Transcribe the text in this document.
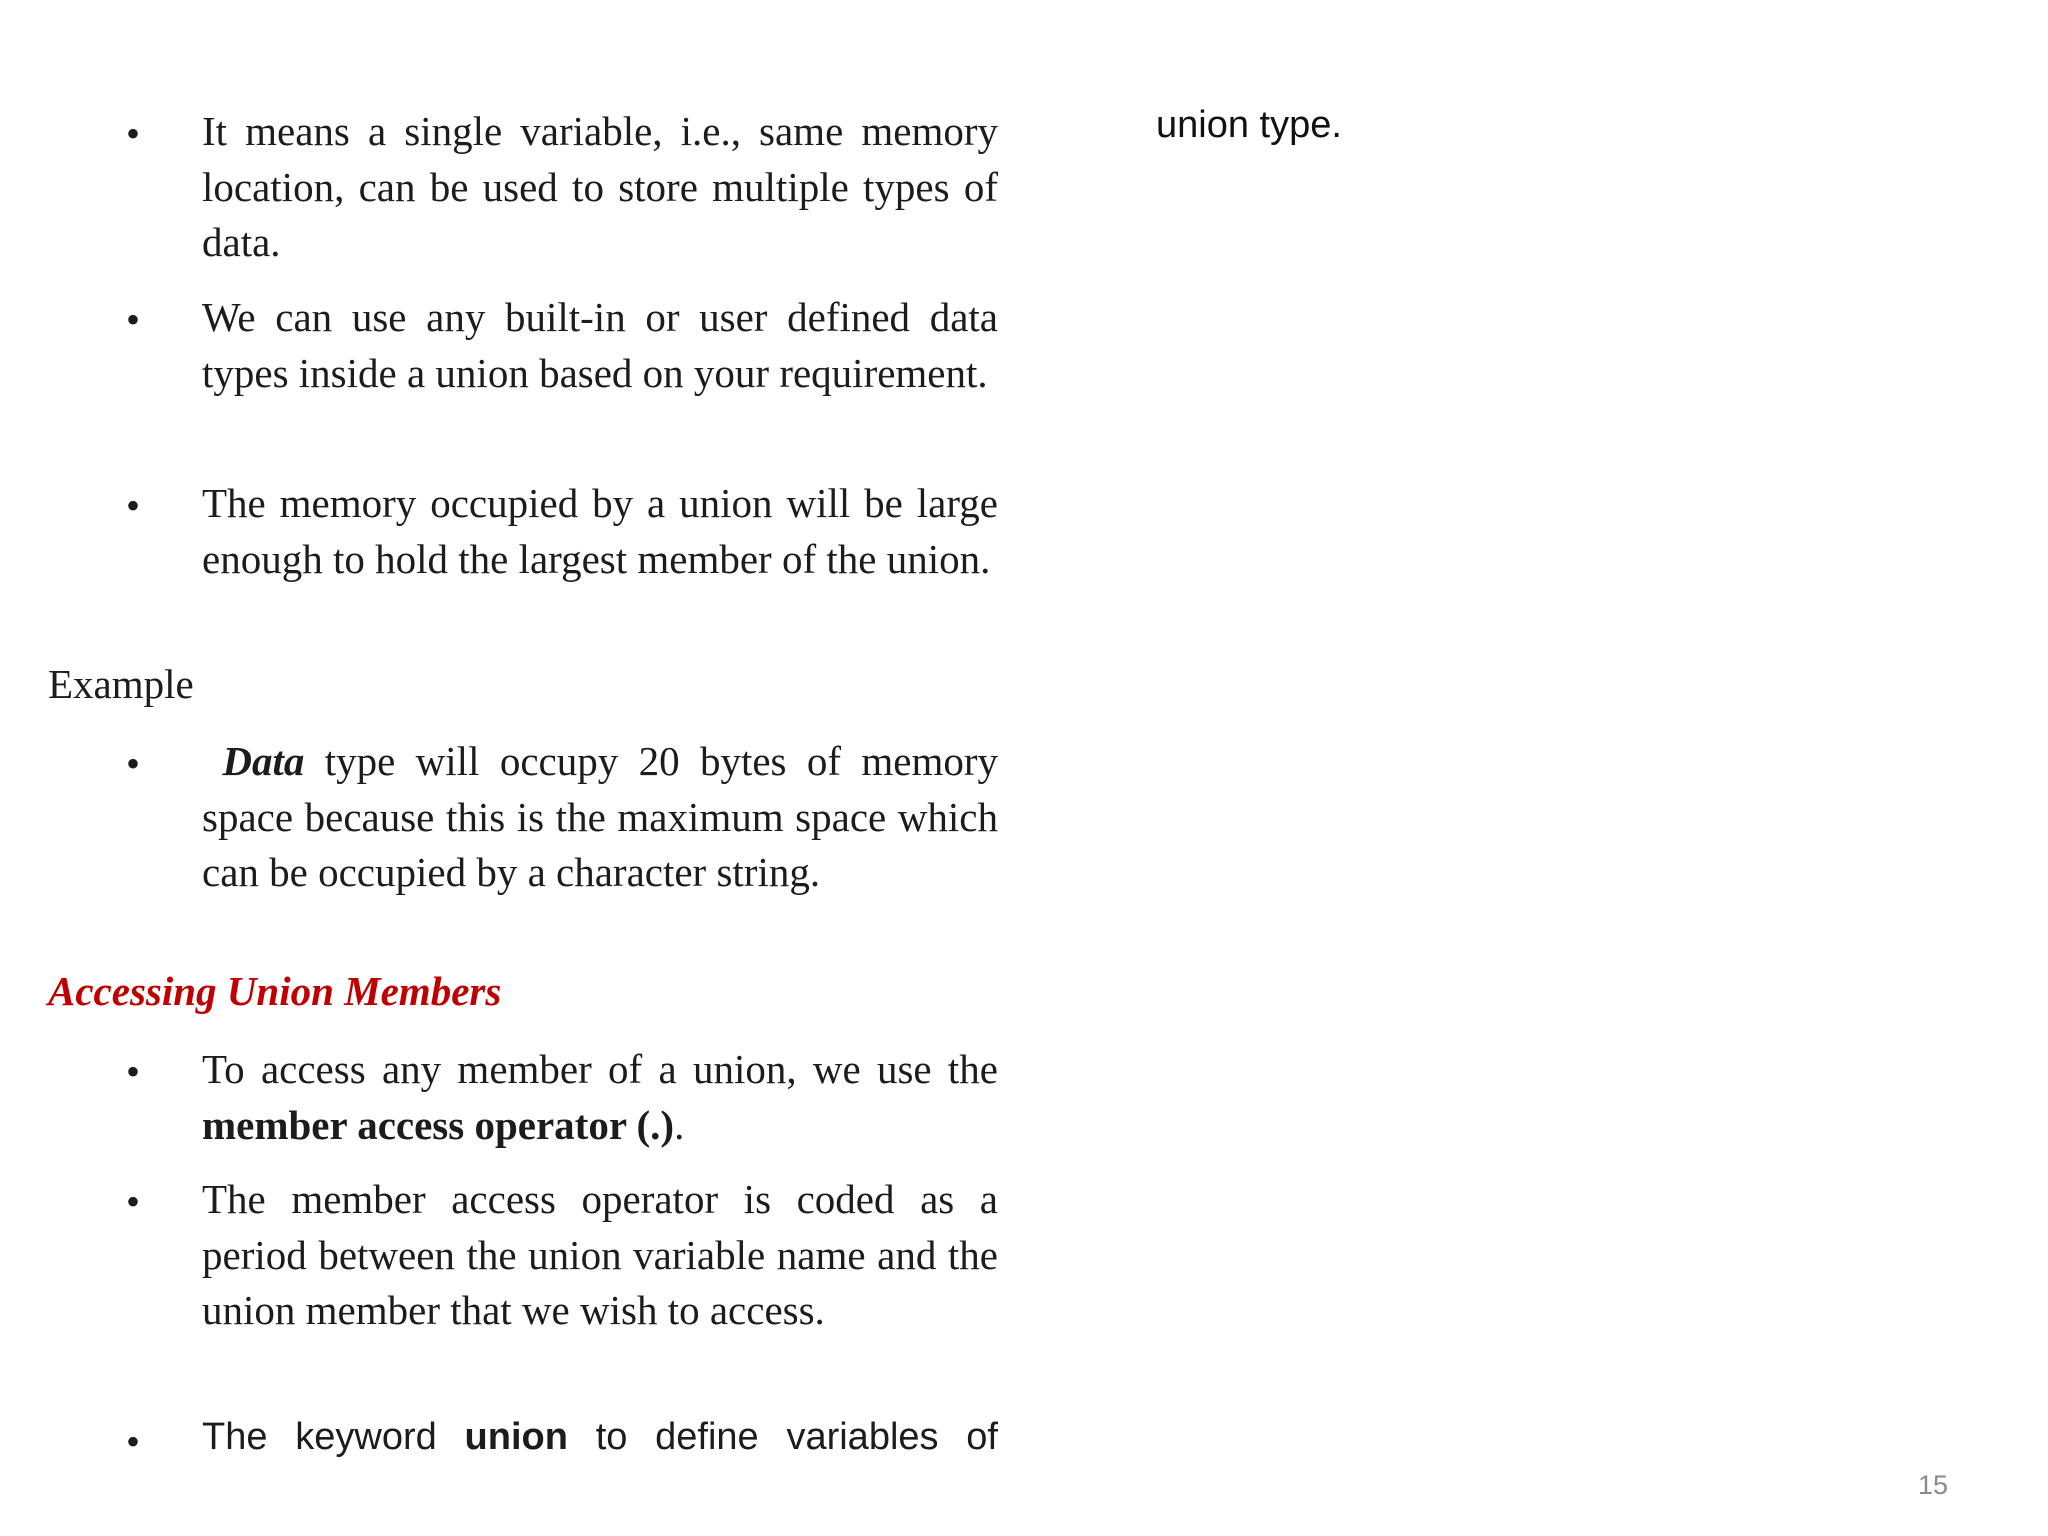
• It means a single variable, i.e., same memory location, can be used to store multiple types of data.
• We can use any built-in or user defined data types inside a union based on your requirement.
• The memory occupied by a union will be large enough to hold the largest member of the union.
Example
•	Data type will occupy 20 bytes of memory space because this is the maximum space which can be occupied by a character string.
Accessing Union Members
• To access any member of a union, we use the member access operator (.).
• The member access operator is coded as a period between the union variable name and the union member that we wish to access.
• The keyword union to define variables of
union type.
15
